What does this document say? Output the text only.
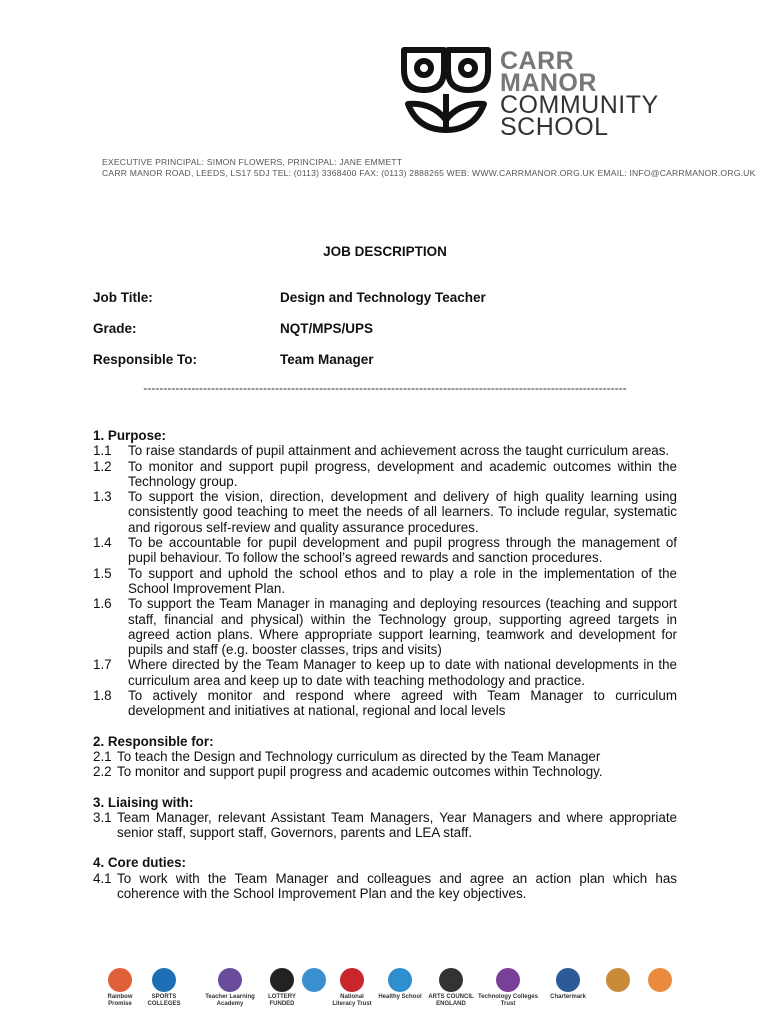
CARR
MANOR
COMMUNITY
SCHOOL
EXECUTIVE PRINCIPAL: SIMON FLOWERS, PRINCIPAL: JANE EMMETT
CARR MANOR ROAD, LEEDS, LS17 5DJ TEL: (0113) 3368400 FAX: (0113) 2888265 WEB: WWW.CARRMANOR.ORG.UK EMAIL: INFO@CARRMANOR.ORG.UK
JOB DESCRIPTION
Job Title:	Design and Technology Teacher
Grade:	NQT/MPS/UPS
Responsible To:	Team Manager
-------------------------------------------------------------------------------------------------------------------------

1. Purpose:

1.1	To raise standards of pupil attainment and achievement across the taught curriculum areas.
1.2	To monitor and support pupil progress, development and academic outcomes within the Technology group.
1.3	To support the vision, direction, development and delivery of high quality learning using consistently good teaching to meet the needs of all learners. To include regular, systematic and rigorous self-review and quality assurance procedures.
1.4	To be accountable for pupil development and pupil progress through the management of pupil behaviour. To follow the school’s agreed rewards and sanction procedures.
1.5	To support and uphold the school ethos and to play a role in the implementation of the School Improvement Plan.
1.6	To support the Team Manager in managing and deploying resources (teaching and support staff, financial and physical) within the Technology group, supporting agreed targets in agreed action plans. Where appropriate support learning, teamwork and development for pupils and staff (e.g. booster classes, trips and visits)
1.7	Where directed by the Team Manager to keep up to date with national developments in the curriculum area and keep up to date with teaching methodology and practice.
1.8	To actively monitor and respond where agreed with Team Manager to curriculum development and initiatives at national, regional and local levels

2. Responsible for:

2.1 To teach the Design and Technology curriculum as directed by the Team Manager
2.2 To monitor and support pupil progress and academic outcomes within Technology.

3. Liaising with:

3.1 Team Manager, relevant Assistant Team Managers, Year Managers and where appropriate senior staff, support staff, Governors, parents and LEA staff.

4. Core duties:

4.1 To work with the Team Manager and colleagues and agree an action plan which has coherence with the School Improvement Plan and the key objectives.
Rainbow Promise
SPORTS COLLEGES
Teacher Learning Academy
LOTTERY FUNDED
National Literacy Trust
Healthy School	ARTS COUNCIL ENGLAND
Technology Colleges Trust
Chartermark
